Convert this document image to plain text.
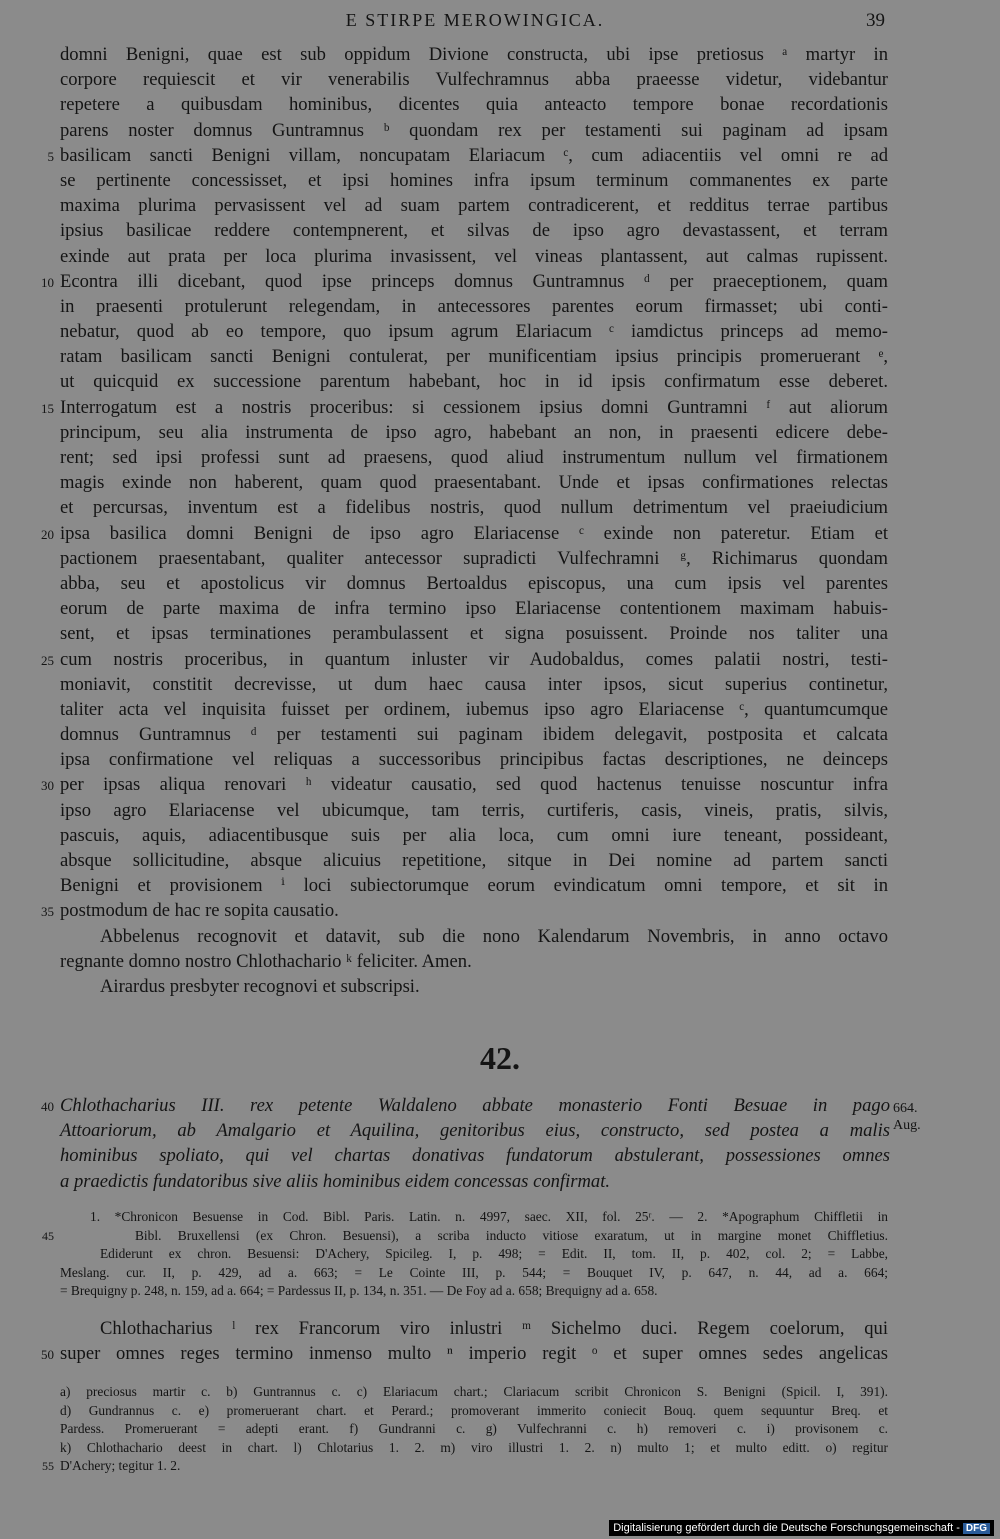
E STIRPE MEROWINGICA.	39
domni Benigni, quae est sub oppidum Divione constructa, ubi ipse pretiosus ᵃ martyr in
corpore requiescit et vir venerabilis Vulfechramnus abba praeesse videtur, videbantur
repetere a quibusdam hominibus, dicentes quia anteacto tempore bonae recordationis
parens noster domnus Guntramnus ᵇ quondam rex per testamenti sui paginam ad ipsam
5 basilicam sancti Benigni villam, noncupatam Elariacum ᶜ, cum adiacentiis vel omni re ad
se pertinente concessisset, et ipsi homines infra ipsum terminum commanentes ex parte
maxima plurima pervasissent vel ad suam partem contradicerent, et redditus terrae partibus
ipsius basilicae reddere contempnerent, et silvas de ipso agro devastassent, et terram
exinde aut prata per loca plurima invasissent, vel vineas plantassent, aut calmas rupissent.
10 Econtra illi dicebant, quod ipse princeps domnus Guntramnus ᵈ per praeceptionem, quam
in praesenti protulerunt relegendam, in antecessores parentes eorum firmasset; ubi conti-
nebatur, quod ab eo tempore, quo ipsum agrum Elariacum ᶜ iamdictus princeps ad memo-
ratam basilicam sancti Benigni contulerat, per munificentiam ipsius principis promeruerant ᵉ,
ut quicquid ex successione parentum habebant, hoc in id ipsis confirmatum esse deberet.
15 Interrogatum est a nostris proceribus: si cessionem ipsius domni Guntramni ᶠ aut aliorum
principum, seu alia instrumenta de ipso agro, habebant an non, in praesenti edicere debe-
rent; sed ipsi professi sunt ad praesens, quod aliud instrumentum nullum vel firmationem
magis exinde non haberent, quam quod praesentabant. Unde et ipsas confirmationes relectas
et percursas, inventum est a fidelibus nostris, quod nullum detrimentum vel praeiudicium
20 ipsa basilica domni Benigni de ipso agro Elariacense ᶜ exinde non pateretur. Etiam et
pactionem praesentabant, qualiter antecessor supradicti Vulfechramni ᵍ, Richimarus quondam
abba, seu et apostolicus vir domnus Bertoaldus episcopus, una cum ipsis vel parentes
eorum de parte maxima de infra termino ipso Elariacense contentionem maximam habuis-
sent, et ipsas terminationes perambulassent et signa posuissent. Proinde nos taliter una
25 cum nostris proceribus, in quantum inluster vir Audobaldus, comes palatii nostri, testi-
moniavit, constitit decrevisse, ut dum haec causa inter ipsos, sicut superius continetur,
taliter acta vel inquisita fuisset per ordinem, iubemus ipso agro Elariacense ᶜ, quantumcumque
domnus Guntramnus ᵈ per testamenti sui paginam ibidem delegavit, postposita et calcata
ipsa confirmatione vel reliquas a successoribus principibus factas descriptiones, ne deinceps
30 per ipsas aliqua renovari ʰ videatur causatio, sed quod hactenus tenuisse noscuntur infra
ipso agro Elariacense vel ubicumque, tam terris, curtiferis, casis, vineis, pratis, silvis,
pascuis, aquis, adiacentibusque suis per alia loca, cum omni iure teneant, possideant,
absque sollicitudine, absque alicuius repetitione, sitque in Dei nomine ad partem sancti
Benigni et provisionem ⁱ loci subiectorumque eorum evindicatum omni tempore, et sit in
35 postmodum de hac re sopita causatio.
Abbelenus recognovit et datavit, sub die nono Kalendarum Novembris, in anno octavo
regnante domno nostro Chlothachario ᵏ feliciter. Amen.
Airardus presbyter recognovi et subscripsi.
42.
40 Chlothacharius III. rex petente Waldaleno abbate monasterio Fonti Besuae in pago
Attoariorum, ab Amalgario et Aquilina, genitoribus eius, constructo, sed postea a malis
hominibus spoliato, qui vel chartas donativas fundatorum abstulerant, possessiones omnes
a praedictis fundatoribus sive aliis hominibus eidem concessas confirmat.
664.
Aug.
1. *Chronicon Besuense in Cod. Bibl. Paris. Latin. n. 4997, saec. XII, fol. 25ʳ. — 2. *Apographum Chiffletii in
45	Bibl. Bruxellensi (ex Chron. Besuensi), a scriba inducto vitiose exaratum, ut in margine monet Chiffletius.
Ediderunt ex chron. Besuensi: D'Achery, Spicileg. I, p. 498; = Edit. II, tom. II, p. 402, col. 2; = Labbe,
Meslang. cur. II, p. 429, ad a. 663; = Le Cointe III, p. 544; = Bouquet IV, p. 647, n. 44, ad a. 664;
= Brequigny p. 248, n. 159, ad a. 664; = Pardessus II, p. 134, n. 351. — De Foy ad a. 658; Brequigny ad a. 658.
Chlothacharius ˡ rex Francorum viro inlustri ᵐ Sichelmo duci. Regem coelorum, qui
50 super omnes reges termino inmenso multo ⁿ imperio regit ᵒ et super omnes sedes angelicas
a) preciosus martir c. b) Guntrannus c. c) Elariacum chart.; Clariacum scribit Chronicon S. Benigni (Spicil. I, 391).
d) Gundrannus c. e) promeruerant chart. et Perard.; promoverant immerito coniecit Bouq. quem sequuntur Breq. et
Pardess. Promeruerant = adepti erant. f) Gundranni c. g) Vulfechranni c. h) removeri c. i) provisonem c.
k) Chlothachario deest in chart. l) Chlotarius 1. 2. m) viro illustri 1. 2. n) multo 1; et multo editt. o) regitur
55 D'Achery; tegitur 1. 2.
Digitalisierung gefördert durch die Deutsche Forschungsgemeinschaft - DFG
